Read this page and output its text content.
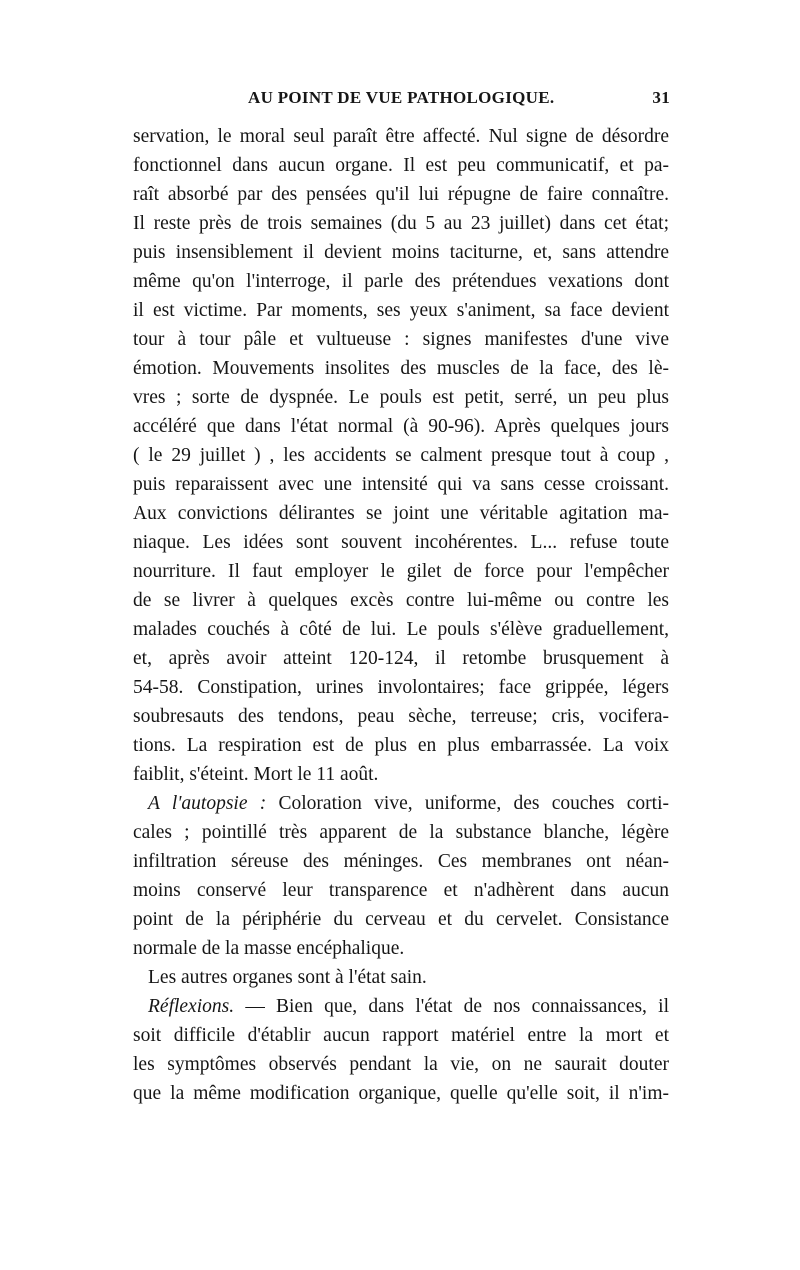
AU POINT DE VUE PATHOLOGIQUE.	31
servation, le moral seul paraît être affecté. Nul signe de désordre
fonctionnel dans aucun organe. Il est peu communicatif, et pa-
raît absorbé par des pensées qu'il lui répugne de faire connaître.
Il reste près de trois semaines (du 5 au 23 juillet) dans cet état;
puis insensiblement il devient moins taciturne, et, sans attendre
même qu'on l'interroge, il parle des prétendues vexations dont
il est victime. Par moments, ses yeux s'animent, sa face devient
tour à tour pâle et vultueuse : signes manifestes d'une vive
émotion. Mouvements insolites des muscles de la face, des lè-
vres ; sorte de dyspnée. Le pouls est petit, serré, un peu plus
accéléré que dans l'état normal (à 90-96). Après quelques jours
( le 29 juillet ) , les accidents se calment presque tout à coup ,
puis reparaissent avec une intensité qui va sans cesse croissant.
Aux convictions délirantes se joint une véritable agitation ma-
niaque. Les idées sont souvent incohérentes. L... refuse toute
nourriture. Il faut employer le gilet de force pour l'empêcher
de se livrer à quelques excès contre lui-même ou contre les
malades couchés à côté de lui. Le pouls s'élève graduellement,
et, après avoir atteint 120-124, il retombe brusquement à
54-58. Constipation, urines involontaires; face grippée, légers
soubresauts des tendons, peau sèche, terreuse; cris, vocifera-
tions. La respiration est de plus en plus embarrassée. La voix
faiblit, s'éteint. Mort le 11 août.
A l'autopsie : Coloration vive, uniforme, des couches corti-
cales ; pointillé très apparent de la substance blanche, légère
infiltration séreuse des méninges. Ces membranes ont néan-
moins conservé leur transparence et n'adhèrent dans aucun
point de la périphérie du cerveau et du cervelet. Consistance
normale de la masse encéphalique.
Les autres organes sont à l'état sain.
Réflexions. — Bien que, dans l'état de nos connaissances, il
soit difficile d'établir aucun rapport matériel entre la mort et
les symptômes observés pendant la vie, on ne saurait douter
que la même modification organique, quelle qu'elle soit, il n'im-
